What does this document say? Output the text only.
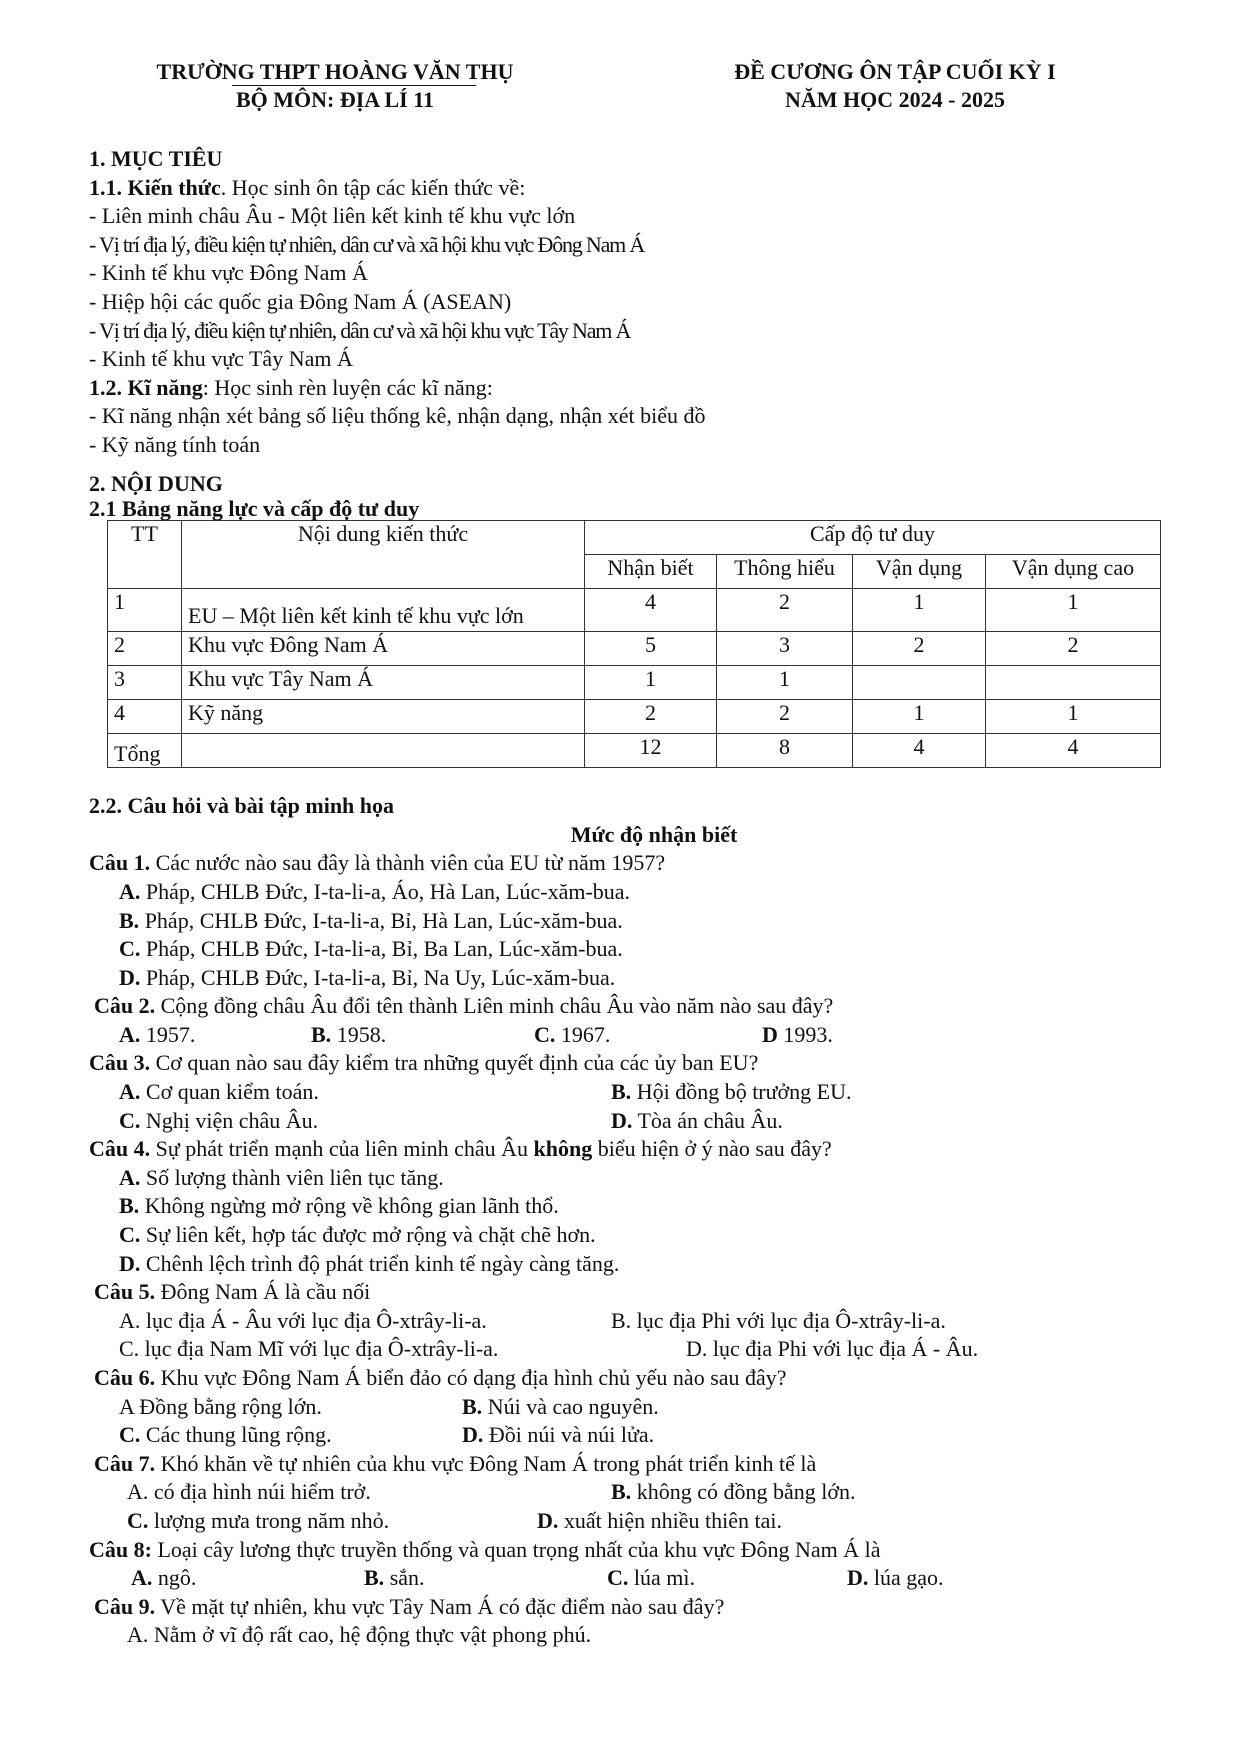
TRƯỜNG THPT HOÀNG VĂN THỤ
BỘ MÔN: ĐỊA LÍ 11
ĐỀ CƯƠNG ÔN TẬP CUỐI KỲ I
NĂM HỌC 2024 - 2025
1. MỤC TIÊU
1.1. Kiến thức. Học sinh ôn tập các kiến thức về:
- Liên minh châu Âu - Một liên kết kinh tế khu vực lớn
- Vị trí địa lý, điều kiện tự nhiên, dân cư và xã hội khu vực Đông Nam Á
- Kinh tế khu vực Đông Nam Á
- Hiệp hội các quốc gia Đông Nam Á (ASEAN)
- Vị trí địa lý, điều kiện tự nhiên, dân cư và xã hội khu vực Tây Nam Á
- Kinh tế khu vực Tây Nam Á
1.2. Kĩ năng: Học sinh rèn luyện các kĩ năng:
- Kĩ năng nhận xét bảng số liệu thống kê, nhận dạng, nhận xét biểu đồ
- Kỹ năng tính toán
2. NỘI DUNG
2.1 Bảng năng lực và cấp độ tư duy
TT	Nội dung kiến thức	Cấp độ tư duy			
		Nhận biết	Thông hiểu	Vận dụng	Vận dụng cao
1	EU – Một liên kết kinh tế khu vực lớn	4	2	1	1
2	Khu vực Đông Nam Á	5	3	2	2
3	Khu vực Tây Nam Á	1	1		
4	Kỹ năng	2	2	1	1
Tổng		12	8	4	4
2.2. Câu hỏi và bài tập minh họa
Mức độ nhận biết
Câu 1. Các nước nào sau đây là thành viên của EU từ năm 1957?
A. Pháp, CHLB Đức, I-ta-li-a, Áo, Hà Lan, Lúc-xăm-bua.
B. Pháp, CHLB Đức, I-ta-li-a, Bỉ, Hà Lan, Lúc-xăm-bua.
C. Pháp, CHLB Đức, I-ta-li-a, Bỉ, Ba Lan, Lúc-xăm-bua.
D. Pháp, CHLB Đức, I-ta-li-a, Bỉ, Na Uy, Lúc-xăm-bua.
Câu 2. Cộng đồng châu Âu đổi tên thành Liên minh châu Âu vào năm nào sau đây?
A. 1957.	B. 1958.	C. 1967.	D 1993.
Câu 3. Cơ quan nào sau đây kiểm tra những quyết định của các ủy ban EU?
A. Cơ quan kiểm toán.	B. Hội đồng bộ trưởng EU.
C. Nghị viện châu Âu.	D. Tòa án châu Âu.
Câu 4. Sự phát triển mạnh của liên minh châu Âu không biểu hiện ở ý nào sau đây?
A. Số lượng thành viên liên tục tăng.
B. Không ngừng mở rộng về không gian lãnh thổ.
C. Sự liên kết, hợp tác được mở rộng và chặt chẽ hơn.
D. Chênh lệch trình độ phát triển kinh tế ngày càng tăng.
Câu 5. Đông Nam Á là cầu nối
A. lục địa Á - Âu với lục địa Ô-xtrây-li-a.	B. lục địa Phi với lục địa Ô-xtrây-li-a.
C. lục địa Nam Mĩ với lục địa Ô-xtrây-li-a.	D. lục địa Phi với lục địa Á - Âu.
Câu 6. Khu vực Đông Nam Á biển đảo có dạng địa hình chủ yếu nào sau đây?
A Đồng bằng rộng lớn.	B. Núi và cao nguyên.
C. Các thung lũng rộng.	D. Đồi núi và núi lửa.
Câu 7. Khó khăn về tự nhiên của khu vực Đông Nam Á trong phát triển kinh tế là
A. có địa hình núi hiểm trở.	B. không có đồng bằng lớn.
C. lượng mưa trong năm nhỏ.	D. xuất hiện nhiều thiên tai.
Câu 8: Loại cây lương thực truyền thống và quan trọng nhất của khu vực Đông Nam Á là
A. ngô.	B. sắn.	C. lúa mì.	D. lúa gạo.
Câu 9. Về mặt tự nhiên, khu vực Tây Nam Á có đặc điểm nào sau đây?
A. Nằm ở vĩ độ rất cao, hệ động thực vật phong phú.
